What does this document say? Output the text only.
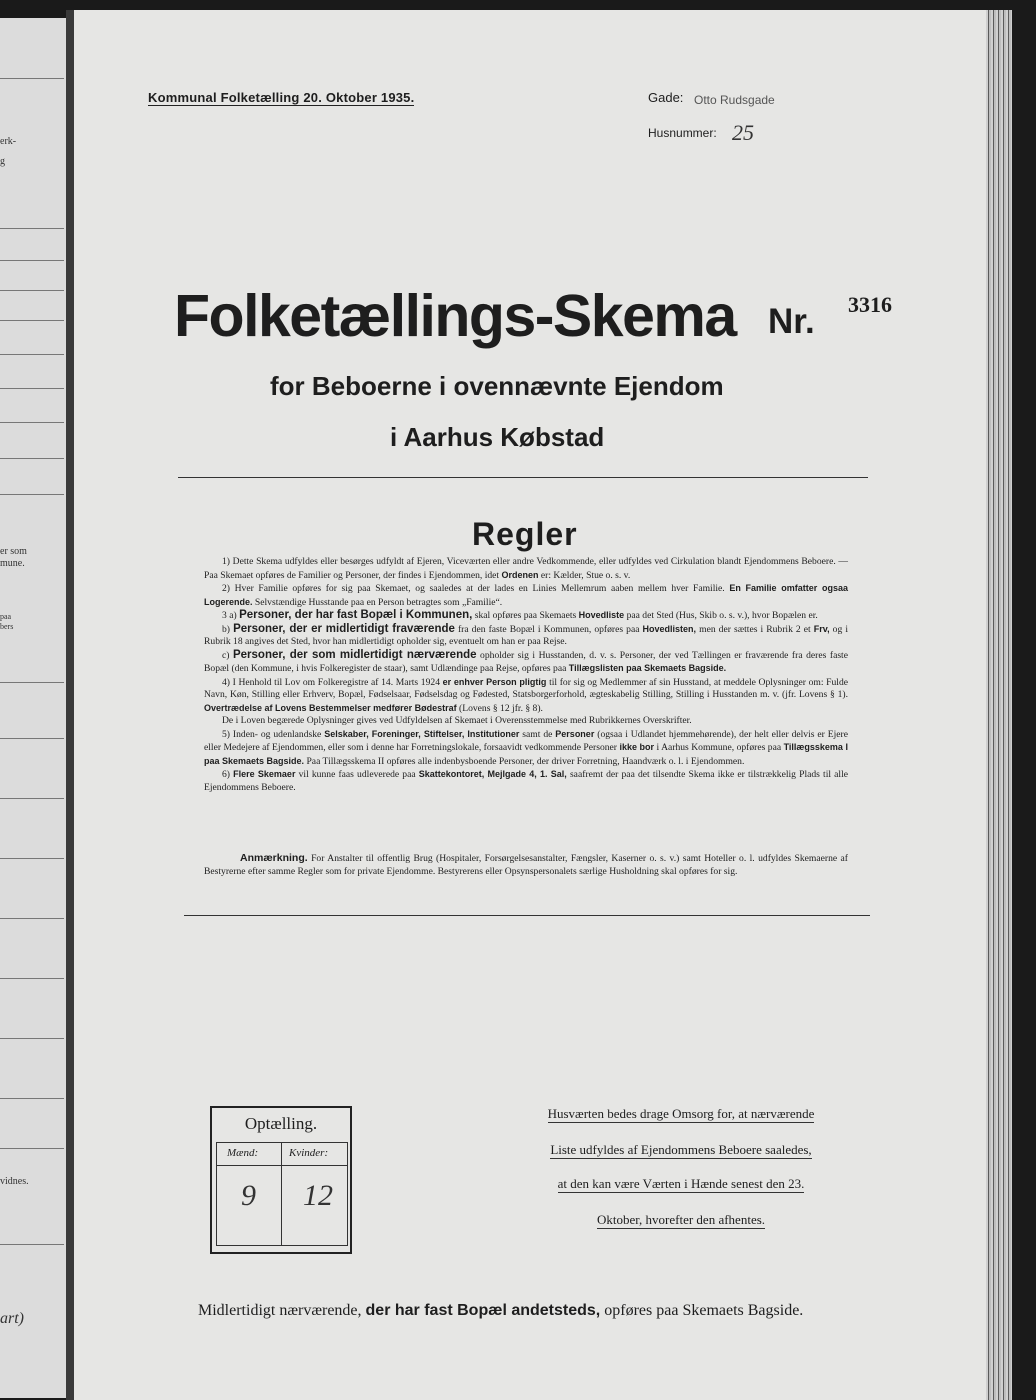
erk-
g
er som
mune.
paa
bers
vidnes.
art)
Kommunal Folketælling 20. Oktober 1935.	Gade: Otto Rudsgade
Husnummer: 25
Folketællings-Skema Nr. 3316
for Beboerne i ovennævnte Ejendom
i Aarhus Købstad
Regler

1) Dette Skema udfyldes eller besørges udfyldt af Ejeren, Viceværten eller andre Vedkommende, eller udfyldes ved Cirkulation blandt Ejendommens Beboere. — Paa Skemaet opføres de Familier og Personer, der findes i Ejendommen, idet Ordenen er: Kælder, Stue o. s. v.

2) Hver Familie opføres for sig paa Skemaet, og saaledes at der lades en Linies Mellemrum aaben mellem hver Familie. En Familie omfatter ogsaa Logerende. Selvstændige Husstande paa en Person betragtes som „Familie“.

3 a) Personer, der har fast Bopæl i Kommunen, skal opføres paa Skemaets Hovedliste paa det Sted (Hus, Skib o. s. v.), hvor Bopælen er.

b) Personer, der er midlertidigt fraværende fra den faste Bopæl i Kommunen, opføres paa Hovedlisten, men der sættes i Rubrik 2 et Frv, og i Rubrik 18 angives det Sted, hvor han midlertidigt opholder sig, eventuelt om han er paa Rejse.

c) Personer, der som midlertidigt nærværende opholder sig i Husstanden, d. v. s. Personer, der ved Tællingen er fraværende fra deres faste Bopæl (den Kommune, i hvis Folkeregister de staar), samt Udlændinge paa Rejse, opføres paa Tillægslisten paa Skemaets Bagside.

4) I Henhold til Lov om Folkeregistre af 14. Marts 1924 er enhver Person pligtig til for sig og Medlemmer af sin Husstand, at meddele Oplysninger om: Fulde Navn, Køn, Stilling eller Erhverv, Bopæl, Fødselsaar, Fødselsdag og Fødested, Statsborgerforhold, ægteskabelig Stilling, Stilling i Husstanden m. v. (jfr. Lovens § 1). Overtrædelse af Lovens Bestemmelser medfører Bødestraf (Lovens § 12 jfr. § 8).

De i Loven begærede Oplysninger gives ved Udfyldelsen af Skemaet i Overensstemmelse med Rubrikkernes Overskrifter.

5) Inden- og udenlandske Selskaber, Foreninger, Stiftelser, Institutioner samt de Personer (ogsaa i Udlandet hjemmehørende), der helt eller delvis er Ejere eller Medejere af Ejendommen, eller som i denne har Forretningslokale, forsaavidt vedkommende Personer ikke bor i Aarhus Kommune, opføres paa Tillægsskema I paa Skemaets Bagside. Paa Tillægsskema II opføres alle indenbysboende Personer, der driver Forretning, Haandværk o. l. i Ejendommen.

6) Flere Skemaer vil kunne faas udleverede paa Skattekontoret, Mejlgade 4, 1. Sal, saafremt der paa det tilsendte Skema ikke er tilstrækkelig Plads til alle Ejendommens Beboere.

Anmærkning. For Anstalter til offentlig Brug (Hospitaler, Forsørgelsesanstalter, Fængsler, Kaserner o. s. v.) samt Hoteller o. l. udfyldes Skemaerne af Bestyrerne efter samme Regler som for private Ejendomme. Bestyrerens eller Opsynspersonalets særlige Husholdning skal opføres for sig.
Optælling.
Mænd:	Kvinder:
9 12
Husværten bedes drage Omsorg for, at nærværende
Liste udfyldes af Ejendommens Beboere saaledes,
at den kan være Værten i Hænde senest den 23.
Oktober, hvorefter den afhentes.
Midlertidigt nærværende, der har fast Bopæl andetsteds, opføres paa Skemaets Bagside.
